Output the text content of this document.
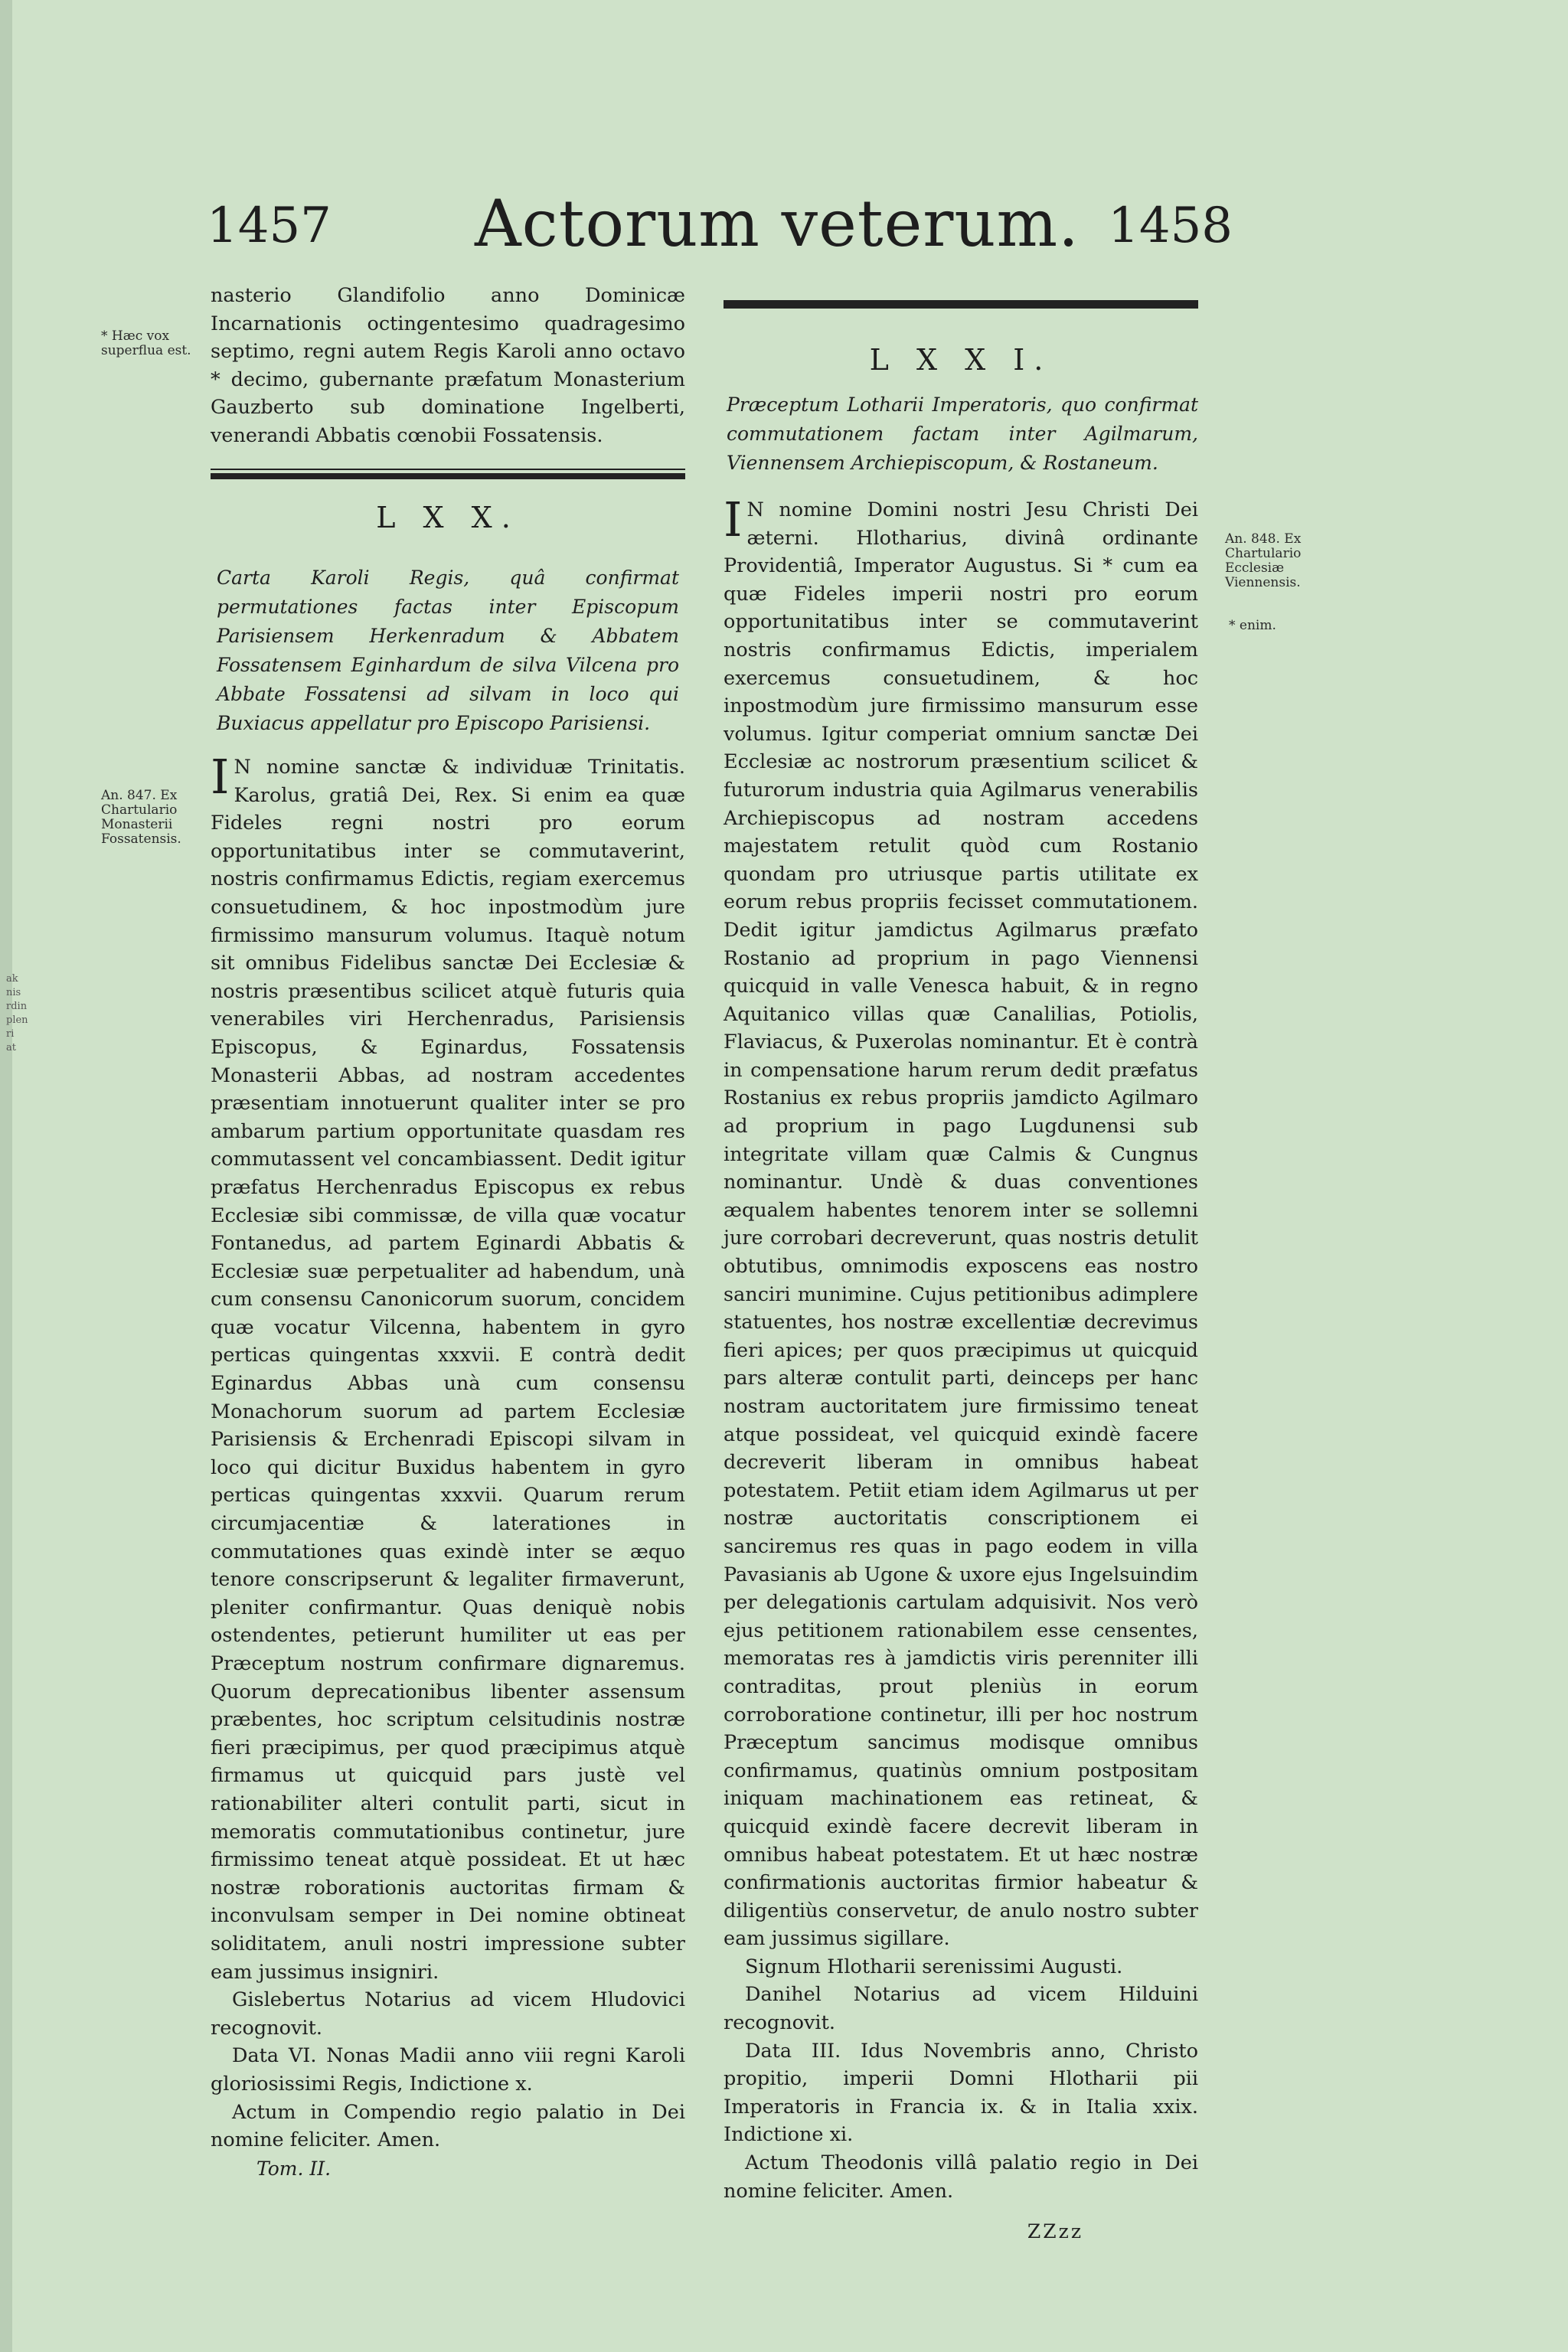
ak
nis
rdin
plen
ri
at
1457 Actorum veterum. 1458

nasterio Glandifolio anno Dominicæ Incarnationis octingentesimo quadragesimo septimo, regni autem Regis Karoli anno octavo * decimo, gubernante præfatum Monasterium Gauzberto sub dominatione Ingelberti, venerandi Abbatis cœnobii Fossatensis.

L X X.
Carta Karoli Regis, quâ confirmat permutationes factas inter Episcopum Parisiensem Herkenradum & Abbatem Fossatensem Eginhardum de silva Vilcena pro Abbate Fossatensi ad silvam in loco qui Buxiacus appellatur pro Episcopo Parisiensi.
I N nomine sanctæ & individuæ Trinitatis. Karolus, gratiâ Dei, Rex. Si enim ea quæ Fideles regni nostri pro eorum opportunitatibus inter se commutaverint, nostris confirmamus Edictis, regiam exercemus consuetudinem, & hoc inpostmodùm jure firmissimo mansurum volumus. Itaquè notum sit omnibus Fidelibus sanctæ Dei Ecclesiæ & nostris præsentibus scilicet atquè futuris quia venerabiles viri Herchenradus, Parisiensis Episcopus, & Eginardus, Fossatensis Monasterii Abbas, ad nostram accedentes præsentiam innotuerunt qualiter inter se pro ambarum partium opportunitate quasdam res commutassent vel concambiassent. Dedit igitur præfatus Herchenradus Episcopus ex rebus Ecclesiæ sibi commissæ, de villa quæ vocatur Fontanedus, ad partem Eginardi Abbatis & Ecclesiæ suæ perpetualiter ad habendum, unà cum consensu Canonicorum suorum, concidem quæ vocatur Vilcenna, habentem in gyro perticas quingentas xxxvii. E contrà dedit Eginardus Abbas unà cum consensu Monachorum suorum ad partem Ecclesiæ Parisiensis & Erchenradi Episcopi silvam in loco qui dicitur Buxidus habentem in gyro perticas quingentas xxxvii. Quarum rerum circumjacentiæ & laterationes in commutationes quas exindè inter se æquo tenore conscripserunt & legaliter firmaverunt, pleniter confirmantur. Quas deniquè nobis ostendentes, petierunt humiliter ut eas per Præceptum nostrum confirmare dignaremus. Quorum deprecationibus libenter assensum præbentes, hoc scriptum celsitudinis nostræ fieri præcipimus, per quod præcipimus atquè firmamus ut quicquid pars justè vel rationabiliter alteri contulit parti, sicut in memoratis commutationibus continetur, jure firmissimo teneat atquè possideat. Et ut hæc nostræ roborationis auctoritas firmam & inconvulsam semper in Dei nomine obtineat soliditatem, anuli nostri impressione subter eam jussimus insigniri.

Gislebertus Notarius ad vicem Hludovici recognovit.

Data VI. Nonas Madii anno viii regni Karoli gloriosissimi Regis, Indictione x.

Actum in Compendio regio palatio in Dei nomine feliciter. Amen.

Tom. II.
L X X I.
Præceptum Lotharii Imperatoris, quo confirmat commutationem factam inter Agilmarum, Viennensem Archiepiscopum, & Rostaneum.
I N nomine Domini nostri Jesu Christi Dei æterni. Hlotharius, divinâ ordinante Providentiâ, Imperator Augustus. Si * cum ea quæ Fideles imperii nostri pro eorum opportunitatibus inter se commutaverint nostris confirmamus Edictis, imperialem exercemus consuetudinem, & hoc inpostmodùm jure firmissimo mansurum esse volumus. Igitur comperiat omnium sanctæ Dei Ecclesiæ ac nostrorum præsentium scilicet & futurorum industria quia Agilmarus venerabilis Archiepiscopus ad nostram accedens majestatem retulit quòd cum Rostanio quondam pro utriusque partis utilitate ex eorum rebus propriis fecisset commutationem. Dedit igitur jamdictus Agilmarus præfato Rostanio ad proprium in pago Viennensi quicquid in valle Venesca habuit, & in regno Aquitanico villas quæ Canalilias, Potiolis, Flaviacus, & Puxerolas nominantur. Et è contrà in compensatione harum rerum dedit præfatus Rostanius ex rebus propriis jamdicto Agilmaro ad proprium in pago Lugdunensi sub integritate villam quæ Calmis & Cungnus nominantur. Undè & duas conventiones æqualem habentes tenorem inter se sollemni jure corrobari decreverunt, quas nostris detulit obtutibus, omnimodis exposcens eas nostro sanciri munimine. Cujus petitionibus adimplere statuentes, hos nostræ excellentiæ decrevimus fieri apices; per quos præcipimus ut quicquid pars alteræ contulit parti, deinceps per hanc nostram auctoritatem jure firmissimo teneat atque possideat, vel quicquid exindè facere decreverit liberam in omnibus habeat potestatem. Petiit etiam idem Agilmarus ut per nostræ auctoritatis conscriptionem ei sanciremus res quas in pago eodem in villa Pavasianis ab Ugone & uxore ejus Ingelsuindim per delegationis cartulam adquisivit. Nos verò ejus petitionem rationabilem esse censentes, memoratas res à jamdictis viris perenniter illi contraditas, prout pleniùs in eorum corroboratione continetur, illi per hoc nostrum Præceptum sancimus modisque omnibus confirmamus, quatinùs omnium postpositam iniquam machinationem eas retineat, & quicquid exindè facere decrevit liberam in omnibus habeat potestatem. Et ut hæc nostræ confirmationis auctoritas firmior habeatur & diligentiùs conservetur, de anulo nostro subter eam jussimus sigillare.

Signum Hlotharii serenissimi Augusti.

Danihel Notarius ad vicem Hilduini recognovit.

Data III. Idus Novembris anno, Christo propitio, imperii Domni Hlotharii pii Imperatoris in Francia ix. & in Italia xxix. Indictione xi.

Actum Theodonis villâ palatio regio in Dei nomine feliciter. Amen.

ZZzz
* Hæc vox superflua est.
An. 847. Ex Chartulario Monasterii Fossatensis.
An. 848. Ex Chartulario Ecclesiæ Viennensis.
* enim.
